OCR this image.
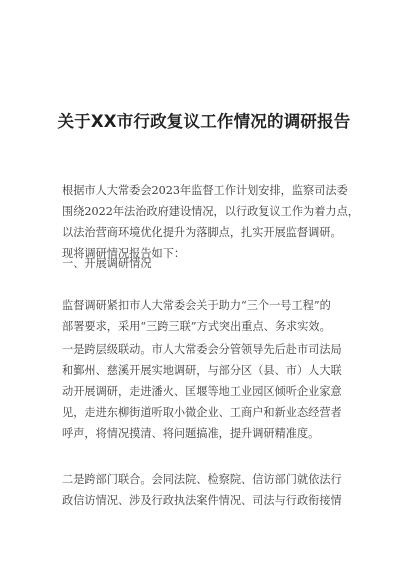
关于XX市行政复议工作情况的调研报告
根据市人大常委会2023年监督工作计划安排，监察司法委
围绕2022年法治政府建设情况，以行政复议工作为着力点，
以法治营商环境优化提升为落脚点，扎实开展监督调研。
现将调研情况报告如下：
一、开展调研情况
监督调研紧扣市人大常委会关于助力“三个一号工程”的
部署要求，采用“三跨三联”方式突出重点、务求实效。
一是跨层级联动。市人大常委会分管领导先后赴市司法局
和鄞州、慈溪开展实地调研，与部分区（县、市）人大联
动开展调研，走进潘火、匡堰等地工业园区倾听企业家意
见，走进东柳街道听取小微企业、工商户和新业态经营者
呼声，将情况摸清、将问题搞准，提升调研精准度。
二是跨部门联合。会同法院、检察院、信访部门就依法行
政信访情况、涉及行政执法案件情况、司法与行政衔接情
